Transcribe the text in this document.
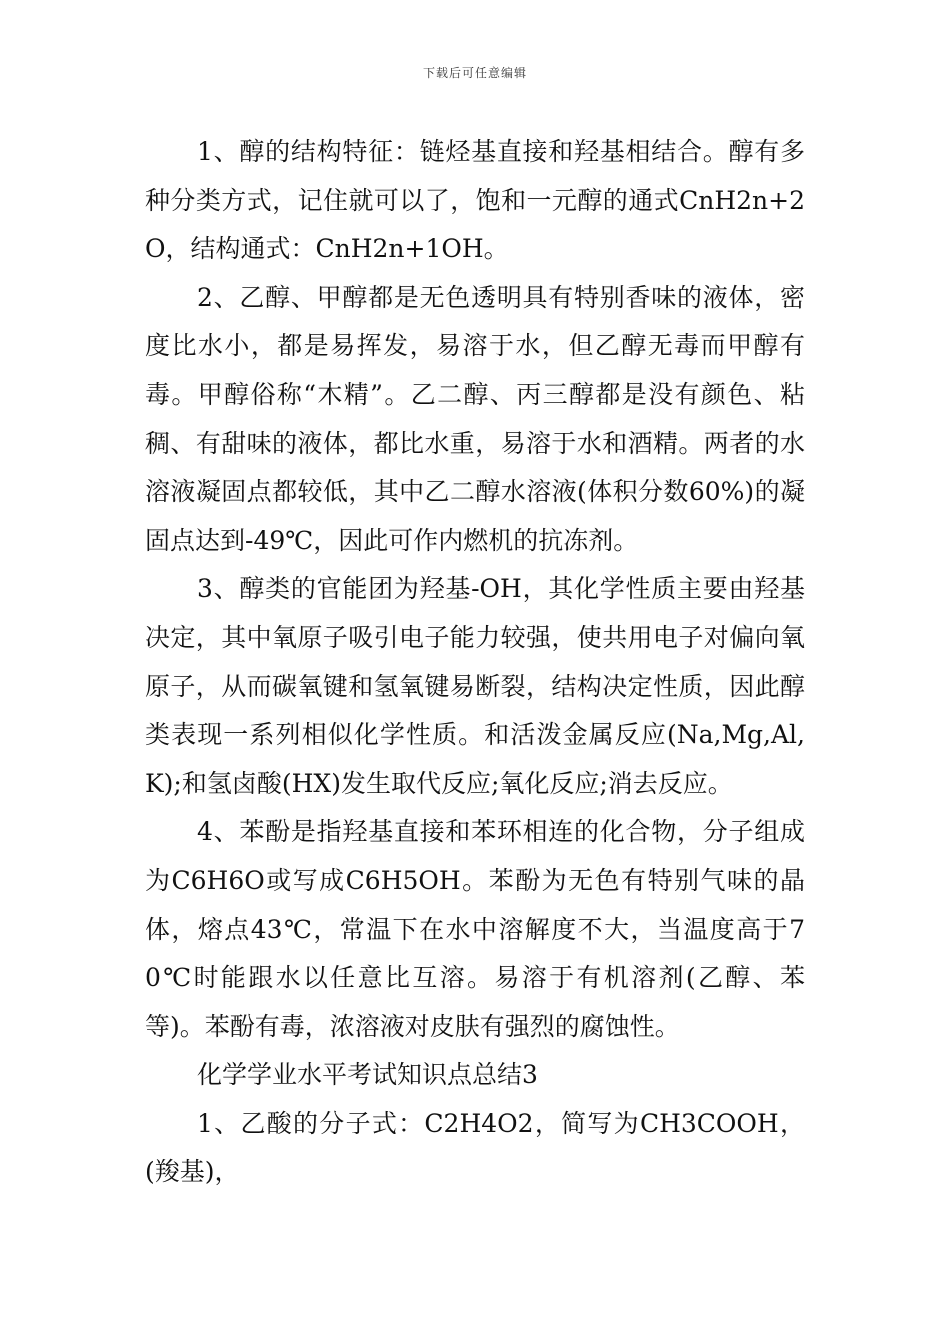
下载后可任意编辑

1、醇的结构特征：链烃基直接和羟基相结合。醇有多种分类方式，记住就可以了，饱和一元醇的通式CnH2n+2O，结构通式：CnH2n+1OH。

2、乙醇、甲醇都是无色透明具有特别香味的液体，密度比水小，都是易挥发，易溶于水，但乙醇无毒而甲醇有毒。甲醇俗称“木精”。乙二醇、丙三醇都是没有颜色、粘稠、有甜味的液体，都比水重，易溶于水和酒精。两者的水溶液凝固点都较低，其中乙二醇水溶液(体积分数60%)的凝固点达到-49℃，因此可作内燃机的抗冻剂。

3、醇类的官能团为羟基-OH，其化学性质主要由羟基决定，其中氧原子吸引电子能力较强，使共用电子对偏向氧原子，从而碳氧键和氢氧键易断裂，结构决定性质，因此醇类表现一系列相似化学性质。和活泼金属反应(Na,Mg,Al,K);和氢卤酸(HX)发生取代反应;氧化反应;消去反应。

4、苯酚是指羟基直接和苯环相连的化合物，分子组成为C6H6O或写成C6H5OH。苯酚为无色有特别气味的晶体，熔点43℃，常温下在水中溶解度不大，当温度高于70℃时能跟水以任意比互溶。易溶于有机溶剂(乙醇、苯等)。苯酚有毒，浓溶液对皮肤有强烈的腐蚀性。

化学学业水平考试知识点总结3

1、乙酸的分子式：C2H4O2，简写为CH3COOH，(羧基)，
